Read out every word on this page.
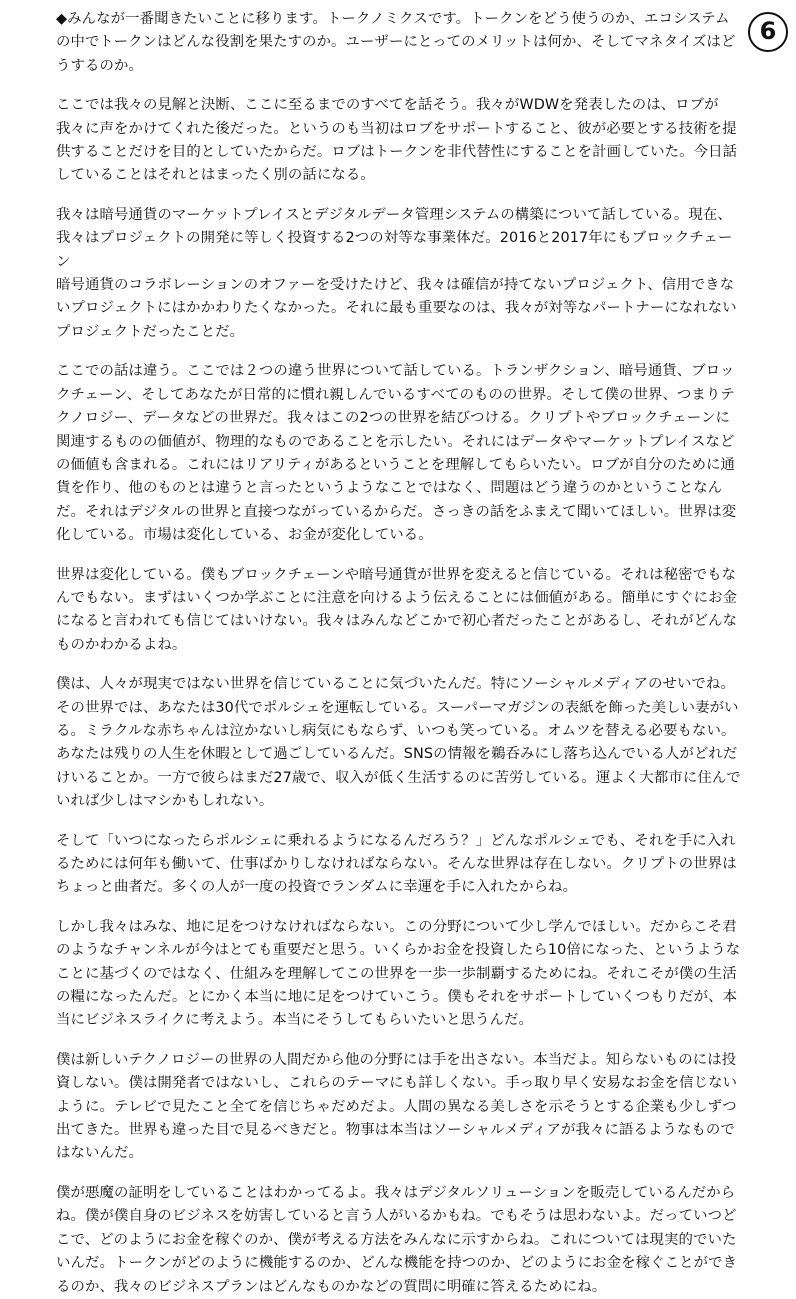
◆みんなが一番聞きたいことに移ります。トークノミクスです。トークンをどう使うのか、エコシステム
の中でトークンはどんな役割を果たすのか。ユーザーにとってのメリットは何か、そしてマネタイズはど
うするのか。

ここでは我々の見解と決断、ここに至るまでのすべてを話そう。我々がWDWを発表したのは、ロブが
我々に声をかけてくれた後だった。というのも当初はロブをサポートすること、彼が必要とする技術を提
供することだけを目的としていたからだ。ロブはトークンを非代替性にすることを計画していた。今日話
していることはそれとはまったく別の話になる。

我々は暗号通貨のマーケットプレイスとデジタルデータ管理システムの構築について話している。現在、
我々はプロジェクトの開発に等しく投資する2つの対等な事業体だ。2016と2017年にもブロックチェーン
暗号通貨のコラボレーションのオファーを受けたけど、我々は確信が持てないプロジェクト、信用できな
いプロジェクトにはかかわりたくなかった。それに最も重要なのは、我々が対等なパートナーになれない
プロジェクトだったことだ。

ここでの話は違う。ここでは２つの違う世界について話している。トランザクション、暗号通貨、ブロッ
クチェーン、そしてあなたが日常的に慣れ親しんでいるすべてのものの世界。そして僕の世界、つまりテ
クノロジー、データなどの世界だ。我々はこの2つの世界を結びつける。クリプトやブロックチェーンに
関連するものの価値が、物理的なものであることを示したい。それにはデータやマーケットプレイスなど
の価値も含まれる。これにはリアリティがあるということを理解してもらいたい。ロブが自分のために通
貨を作り、他のものとは違うと言ったというようなことではなく、問題はどう違うのかということなん
だ。それはデジタルの世界と直接つながっているからだ。さっきの話をふまえて聞いてほしい。世界は変
化している。市場は変化している、お金が変化している。

世界は変化している。僕もブロックチェーンや暗号通貨が世界を変えると信じている。それは秘密でもな
んでもない。まずはいくつか学ぶことに注意を向けるよう伝えることには価値がある。簡単にすぐにお金
になると言われても信じてはいけない。我々はみんなどこかで初心者だったことがあるし、それがどんな
ものかわかるよね。

僕は、人々が現実ではない世界を信じていることに気づいたんだ。特にソーシャルメディアのせいでね。
その世界では、あなたは30代でポルシェを運転している。スーパーマガジンの表紙を飾った美しい妻がい
る。ミラクルな赤ちゃんは泣かないし病気にもならず、いつも笑っている。オムツを替える必要もない。
あなたは残りの人生を休暇として過ごしているんだ。SNSの情報を鵜呑みにし落ち込んでいる人がどれだ
けいることか。一方で彼らはまだ27歳で、収入が低く生活するのに苦労している。運よく大都市に住んで
いれば少しはマシかもしれない。

そして「いつになったらポルシェに乗れるようになるんだろう？」どんなポルシェでも、それを手に入れ
るためには何年も働いて、仕事ばかりしなければならない。そんな世界は存在しない。クリプトの世界は
ちょっと曲者だ。多くの人が一度の投資でランダムに幸運を手に入れたからね。

しかし我々はみな、地に足をつけなければならない。この分野について少し学んでほしい。だからこそ君
のようなチャンネルが今はとても重要だと思う。いくらかお金を投資したら10倍になった、というような
ことに基づくのではなく、仕組みを理解してこの世界を一歩一歩制覇するためにね。それこそが僕の生活
の糧になったんだ。とにかく本当に地に足をつけていこう。僕もそれをサポートしていくつもりだが、本
当にビジネスライクに考えよう。本当にそうしてもらいたいと思うんだ。

僕は新しいテクノロジーの世界の人間だから他の分野には手を出さない。本当だよ。知らないものには投
資しない。僕は開発者ではないし、これらのテーマにも詳しくない。手っ取り早く安易なお金を信じない
ように。テレビで見たこと全てを信じちゃだめだよ。人間の異なる美しさを示そうとする企業も少しずつ
出てきた。世界も違った目で見るべきだと。物事は本当はソーシャルメディアが我々に語るようなもので
はないんだ。

僕が悪魔の証明をしていることはわかってるよ。我々はデジタルソリューションを販売しているんだから
ね。僕が僕自身のビジネスを妨害していると言う人がいるかもね。でもそうは思わないよ。だっていつど
こで、どのようにお金を稼ぐのか、僕が考える方法をみんなに示すからね。これについては現実的でいた
いんだ。トークンがどのように機能するのか、どんな機能を持つのか、どのようにお金を稼ぐことができ
るのか、我々のビジネスプランはどんなものかなどの質問に明確に答えるためにね。

6
